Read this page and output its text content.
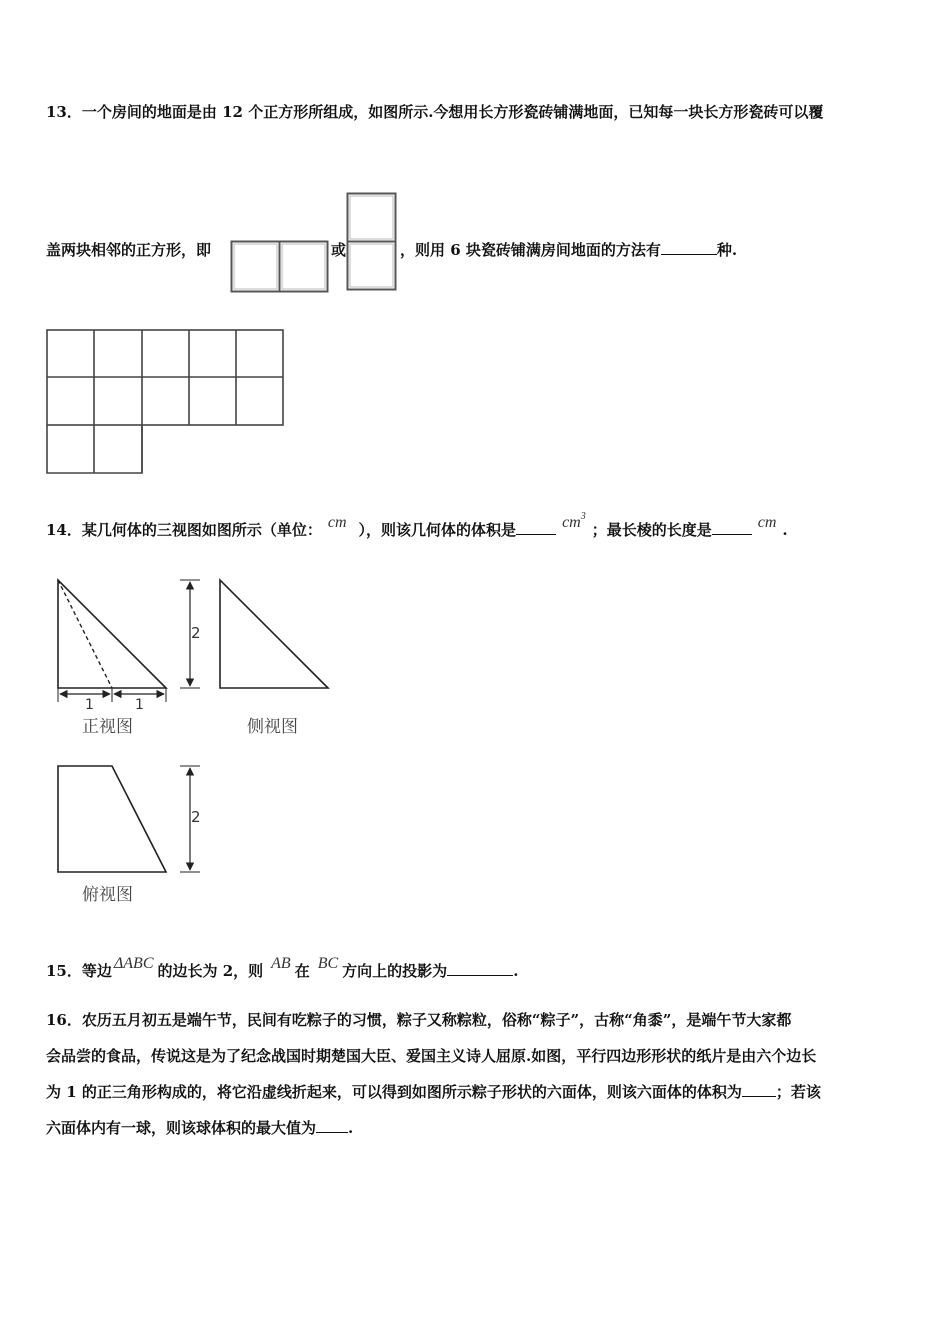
13．一个房间的地面是由 12 个正方形所组成，如图所示.今想用长方形瓷砖铺满地面，已知每一块长方形瓷砖可以覆
盖两块相邻的正方形，即	或	，则用 6 块瓷砖铺满房间地面的方法有	种.
14．某几何体的三视图如图所示（单位： cm ），则该几何体的体积是	$cm^3$；最长棱的长度是	cm .
1	1
正视图
2
侧视图
2
俯视图
15．等边 ΔABC 的边长为 2，则 AB 在 BC 方向上的投影为	.
16．农历五月初五是端午节，民间有吃粽子的习惯，粽子又称粽粒，俗称“粽子”，古称“角黍”，是端午节大家都
会品尝的食品，传说这是为了纪念战国时期楚国大臣、爱国主义诗人屈原.如图，平行四边形形状的纸片是由六个边长
为 1 的正三角形构成的，将它沿虚线折起来，可以得到如图所示粽子形状的六面体，则该六面体的体积为 ；若该
六面体内有一球，则该球体积的最大值为 .
